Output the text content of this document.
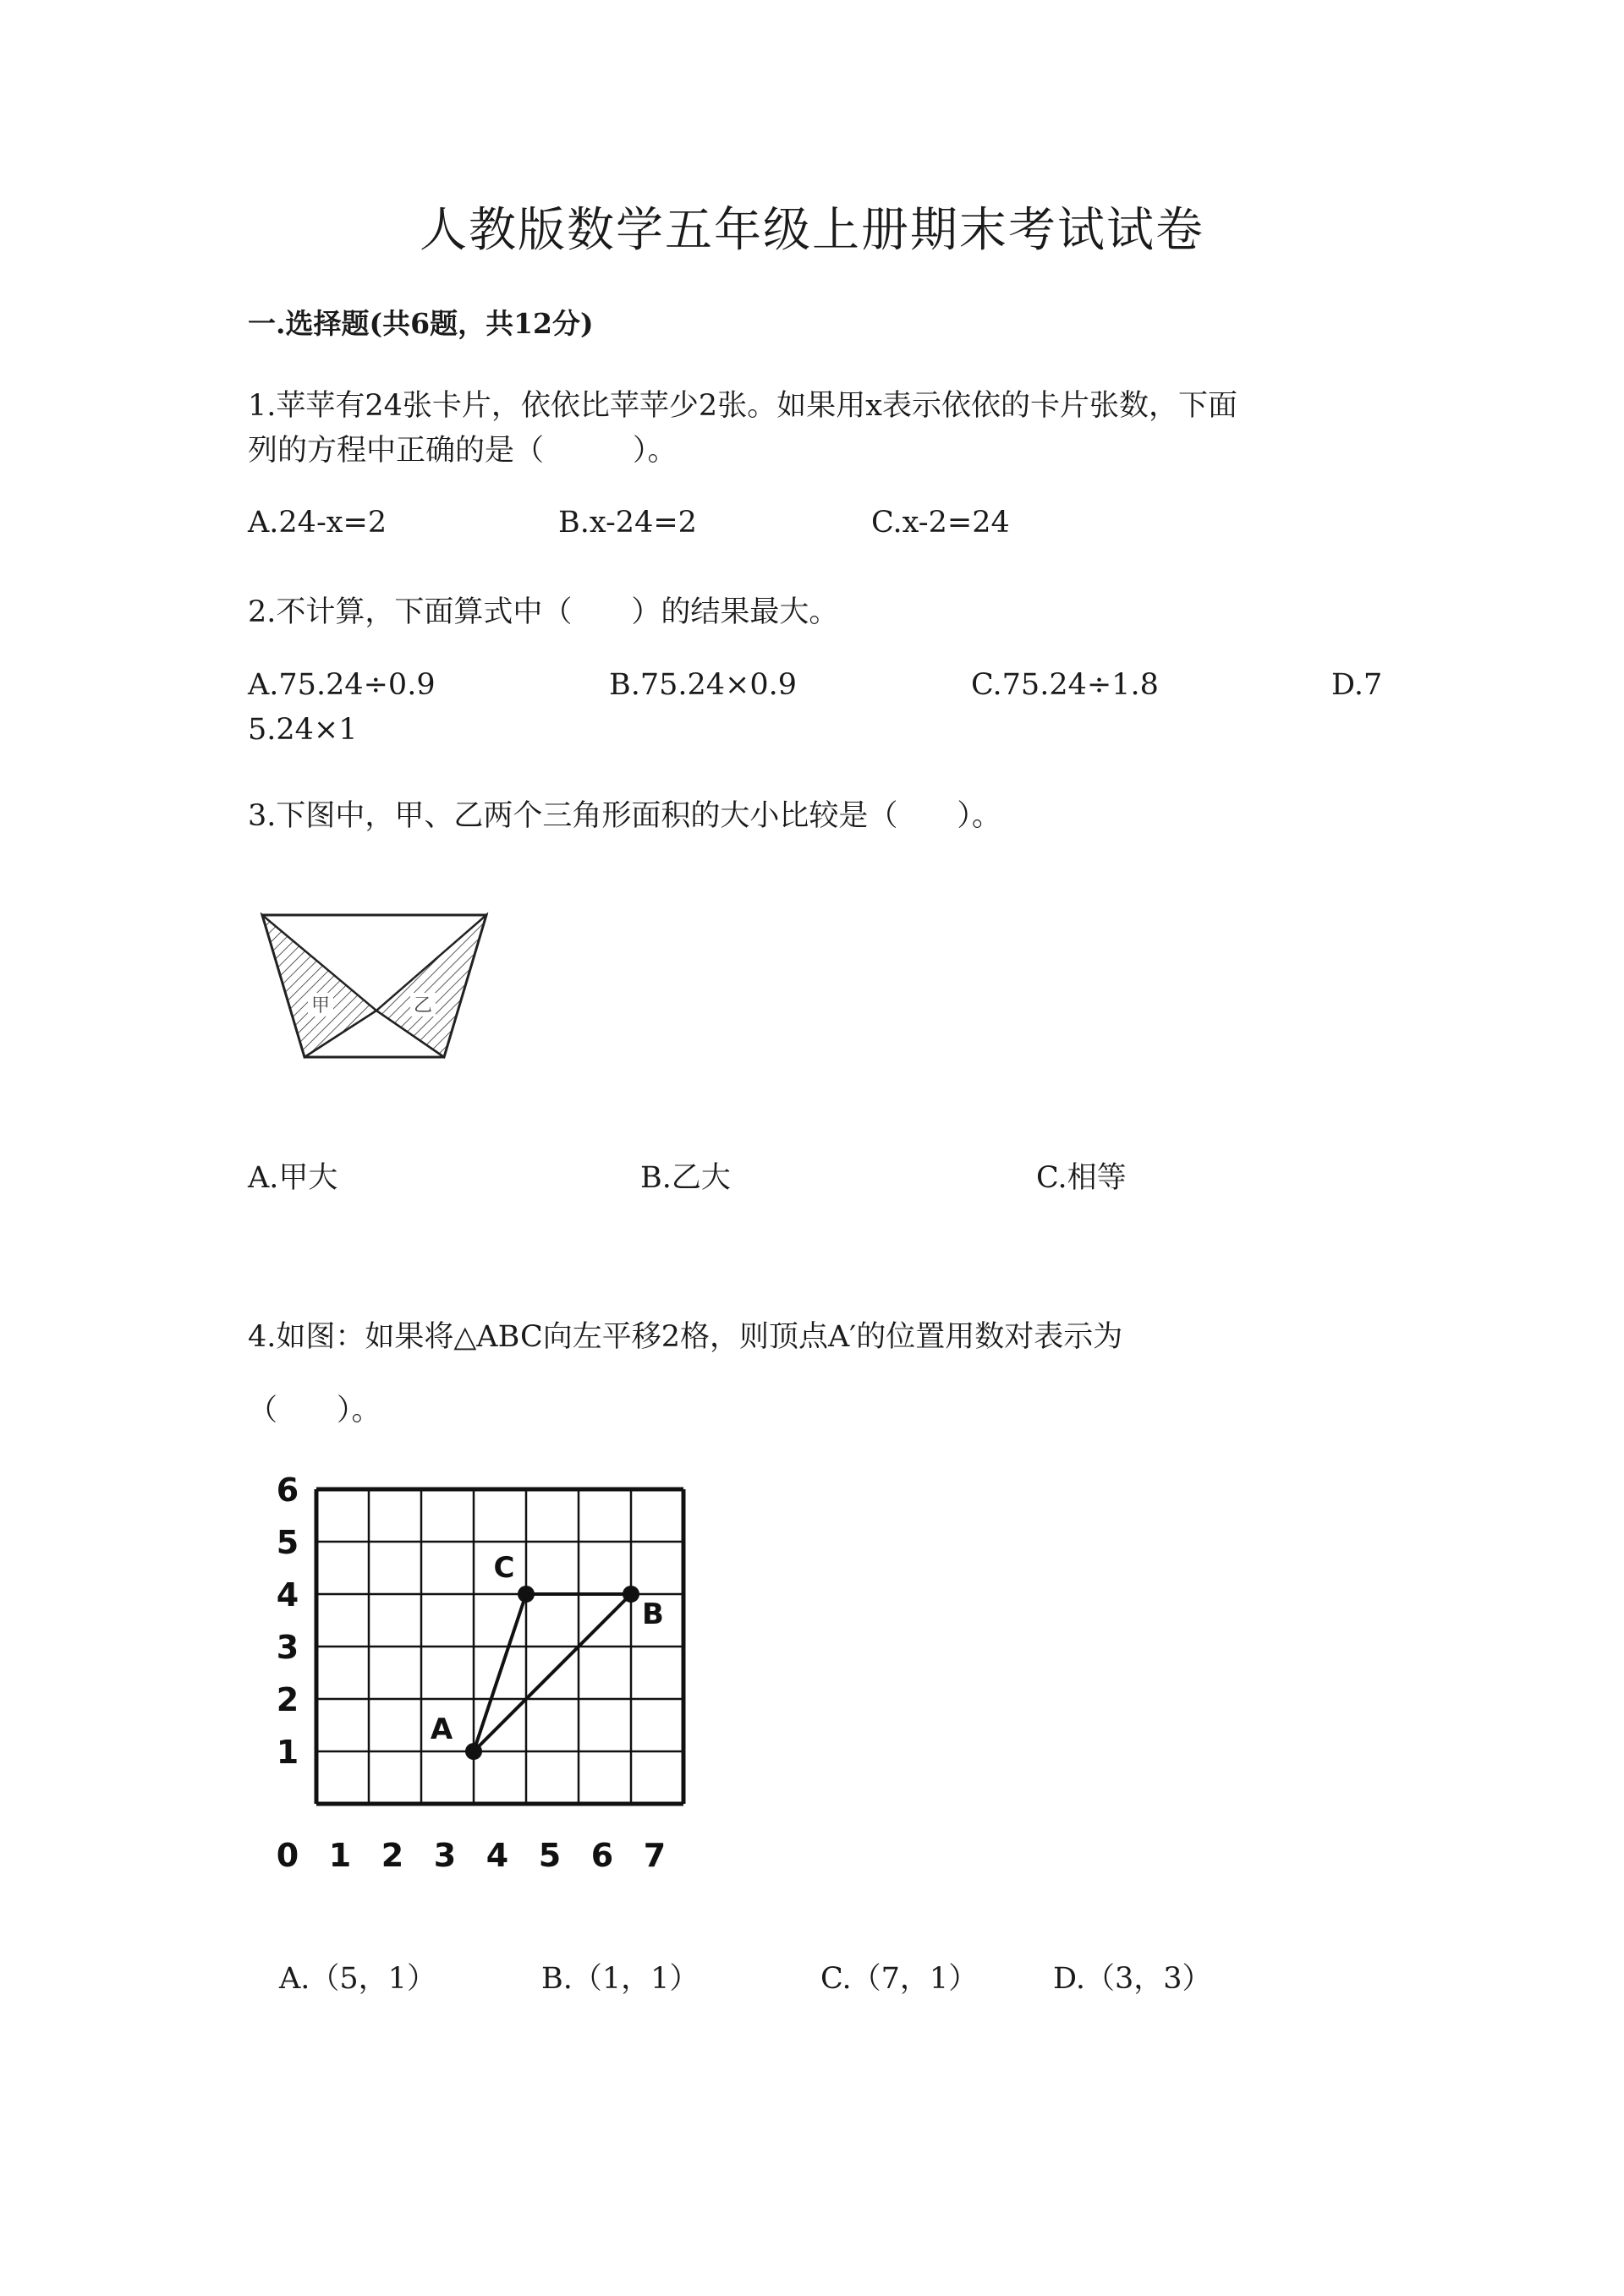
人教版数学五年级上册期末考试试卷
一.选择题(共6题，共12分)
1.苹苹有24张卡片，依依比苹苹少2张。如果用x表示依依的卡片张数，下面
列的方程中正确的是（　　　）。
A.24-x=2	B.x-24=2	C.x-2=24
2.不计算，下面算式中（　　）的结果最大。
A.75.24÷0.9	B.75.24×0.9	C.75.24÷1.8	D.7
5.24×1
3.下图中，甲、乙两个三角形面积的大小比较是（　　）。
甲	乙
A.甲大	B.乙大	C.相等
4.如图：如果将△ABC向左平移2格，则顶点A′的位置用数对表示为
（　　）。
0 1 2 3 4 5 6 7
1
2
3
4
5
6
A
B
C
A.（5，1）	B.（1，1）	C.（7，1）	D.（3，3）
